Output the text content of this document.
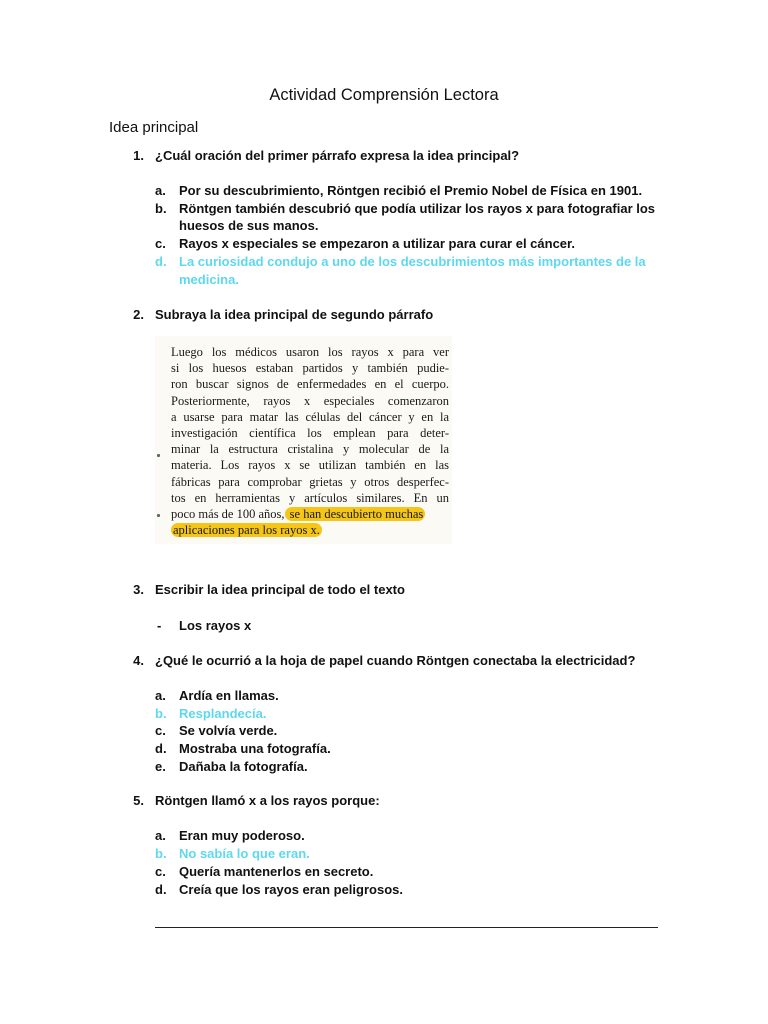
Actividad Comprensión Lectora
Idea principal
1. ¿Cuál oración del primer párrafo expresa la idea principal?
a.	Por su descubrimiento, Röntgen recibió el Premio Nobel de Física en 1901.
b. Röntgen también descubrió que podía utilizar los rayos x para fotografiar los
huesos de sus manos.
c.	Rayos x especiales se empezaron a utilizar para curar el cáncer.
d. La curiosidad condujo a uno de los descubrimientos más importantes de la
medicina.
2. Subraya la idea principal de segundo párrafo
Luego los médicos usaron los rayos x para ver
si los huesos estaban partidos y también pudie-
ron buscar signos de enfermedades en el cuerpo.
Posteriormente, rayos x especiales comenzaron
a usarse para matar las células del cáncer y en la
investigación científica los emplean para deter-
minar la estructura cristalina y molecular de la
materia. Los rayos x se utilizan también en las
fábricas para comprobar grietas y otros desperfec-
tos en herramientas y artículos similares. En un
poco más de 100 años, se han descubierto muchas
aplicaciones para los rayos x.
3. Escribir la idea principal de todo el texto
-	Los rayos x
4. ¿Qué le ocurrió a la hoja de papel cuando Röntgen conectaba la electricidad?
a.	Ardía en llamas.
b. Resplandecía.
c.	Se volvía verde.
d. Mostraba una fotografía.
e.	Dañaba la fotografía.
5. Röntgen llamó x a los rayos porque:
a.	Eran muy poderoso.
b. No sabía lo que eran.
c.	Quería mantenerlos en secreto.
d. Creía que los rayos eran peligrosos.
